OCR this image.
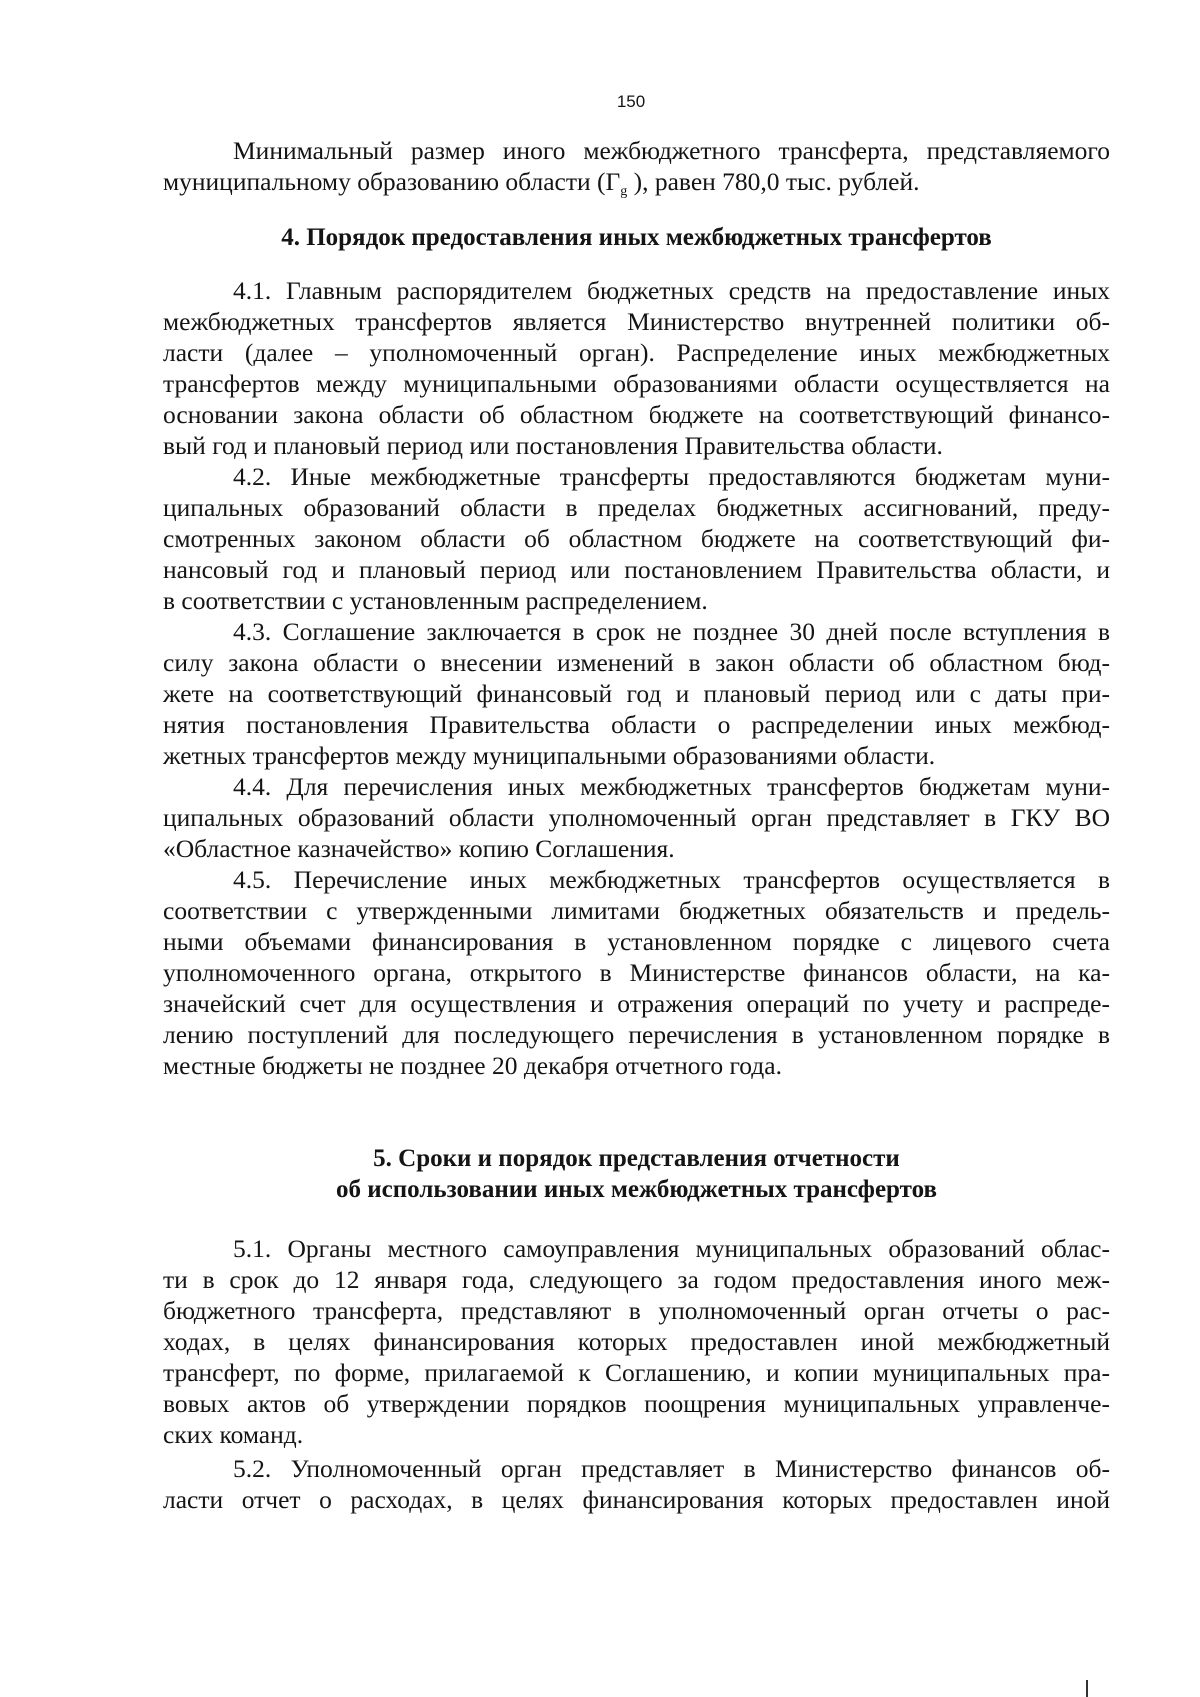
150
Минимальный размер иного межбюджетного трансферта, представляемого
муниципальному образованию области ($Г_g$ ), равен 780,0 тыс. рублей.
4. Порядок предоставления иных межбюджетных трансфертов
4.1. Главным распорядителем бюджетных средств на предоставление иных
межбюджетных трансфертов является Министерство внутренней политики об-
ласти (далее – уполномоченный орган). Распределение иных межбюджетных
трансфертов между муниципальными образованиями области осуществляется на
основании закона области об областном бюджете на соответствующий финансо-
вый год и плановый период или постановления Правительства области.
4.2. Иные межбюджетные трансферты предоставляются бюджетам муни-
ципальных образований области в пределах бюджетных ассигнований, преду-
смотренных законом области об областном бюджете на соответствующий фи-
нансовый год и плановый период или постановлением Правительства области, и
в соответствии с установленным распределением.
4.3. Соглашение заключается в срок не позднее 30 дней после вступления в
силу закона области о внесении изменений в закон области об областном бюд-
жете на соответствующий финансовый год и плановый период или с даты при-
нятия постановления Правительства области о распределении иных межбюд-
жетных трансфертов между муниципальными образованиями области.
4.4. Для перечисления иных межбюджетных трансфертов бюджетам муни-
ципальных образований области уполномоченный орган представляет в ГКУ ВО
«Областное казначейство» копию Соглашения.
4.5. Перечисление иных межбюджетных трансфертов осуществляется в
соответствии с утвержденными лимитами бюджетных обязательств и предель-
ными объемами финансирования в установленном порядке с лицевого счета
уполномоченного органа, открытого в Министерстве финансов области, на ка-
значейский счет для осуществления и отражения операций по учету и распреде-
лению поступлений для последующего перечисления в установленном порядке в
местные бюджеты не позднее 20 декабря отчетного года.
5. Сроки и порядок представления отчетности
об использовании иных межбюджетных трансфертов
5.1. Органы местного самоуправления муниципальных образований облас-
ти в срок до 12 января года, следующего за годом предоставления иного меж-
бюджетного трансферта, представляют в уполномоченный орган отчеты о рас-
ходах, в целях финансирования которых предоставлен иной межбюджетный
трансферт, по форме, прилагаемой к Соглашению, и копии муниципальных пра-
вовых актов об утверждении порядков поощрения муниципальных управленче-
ских команд.
5.2. Уполномоченный орган представляет в Министерство финансов об-
ласти отчет о расходах, в целях финансирования которых предоставлен иной
